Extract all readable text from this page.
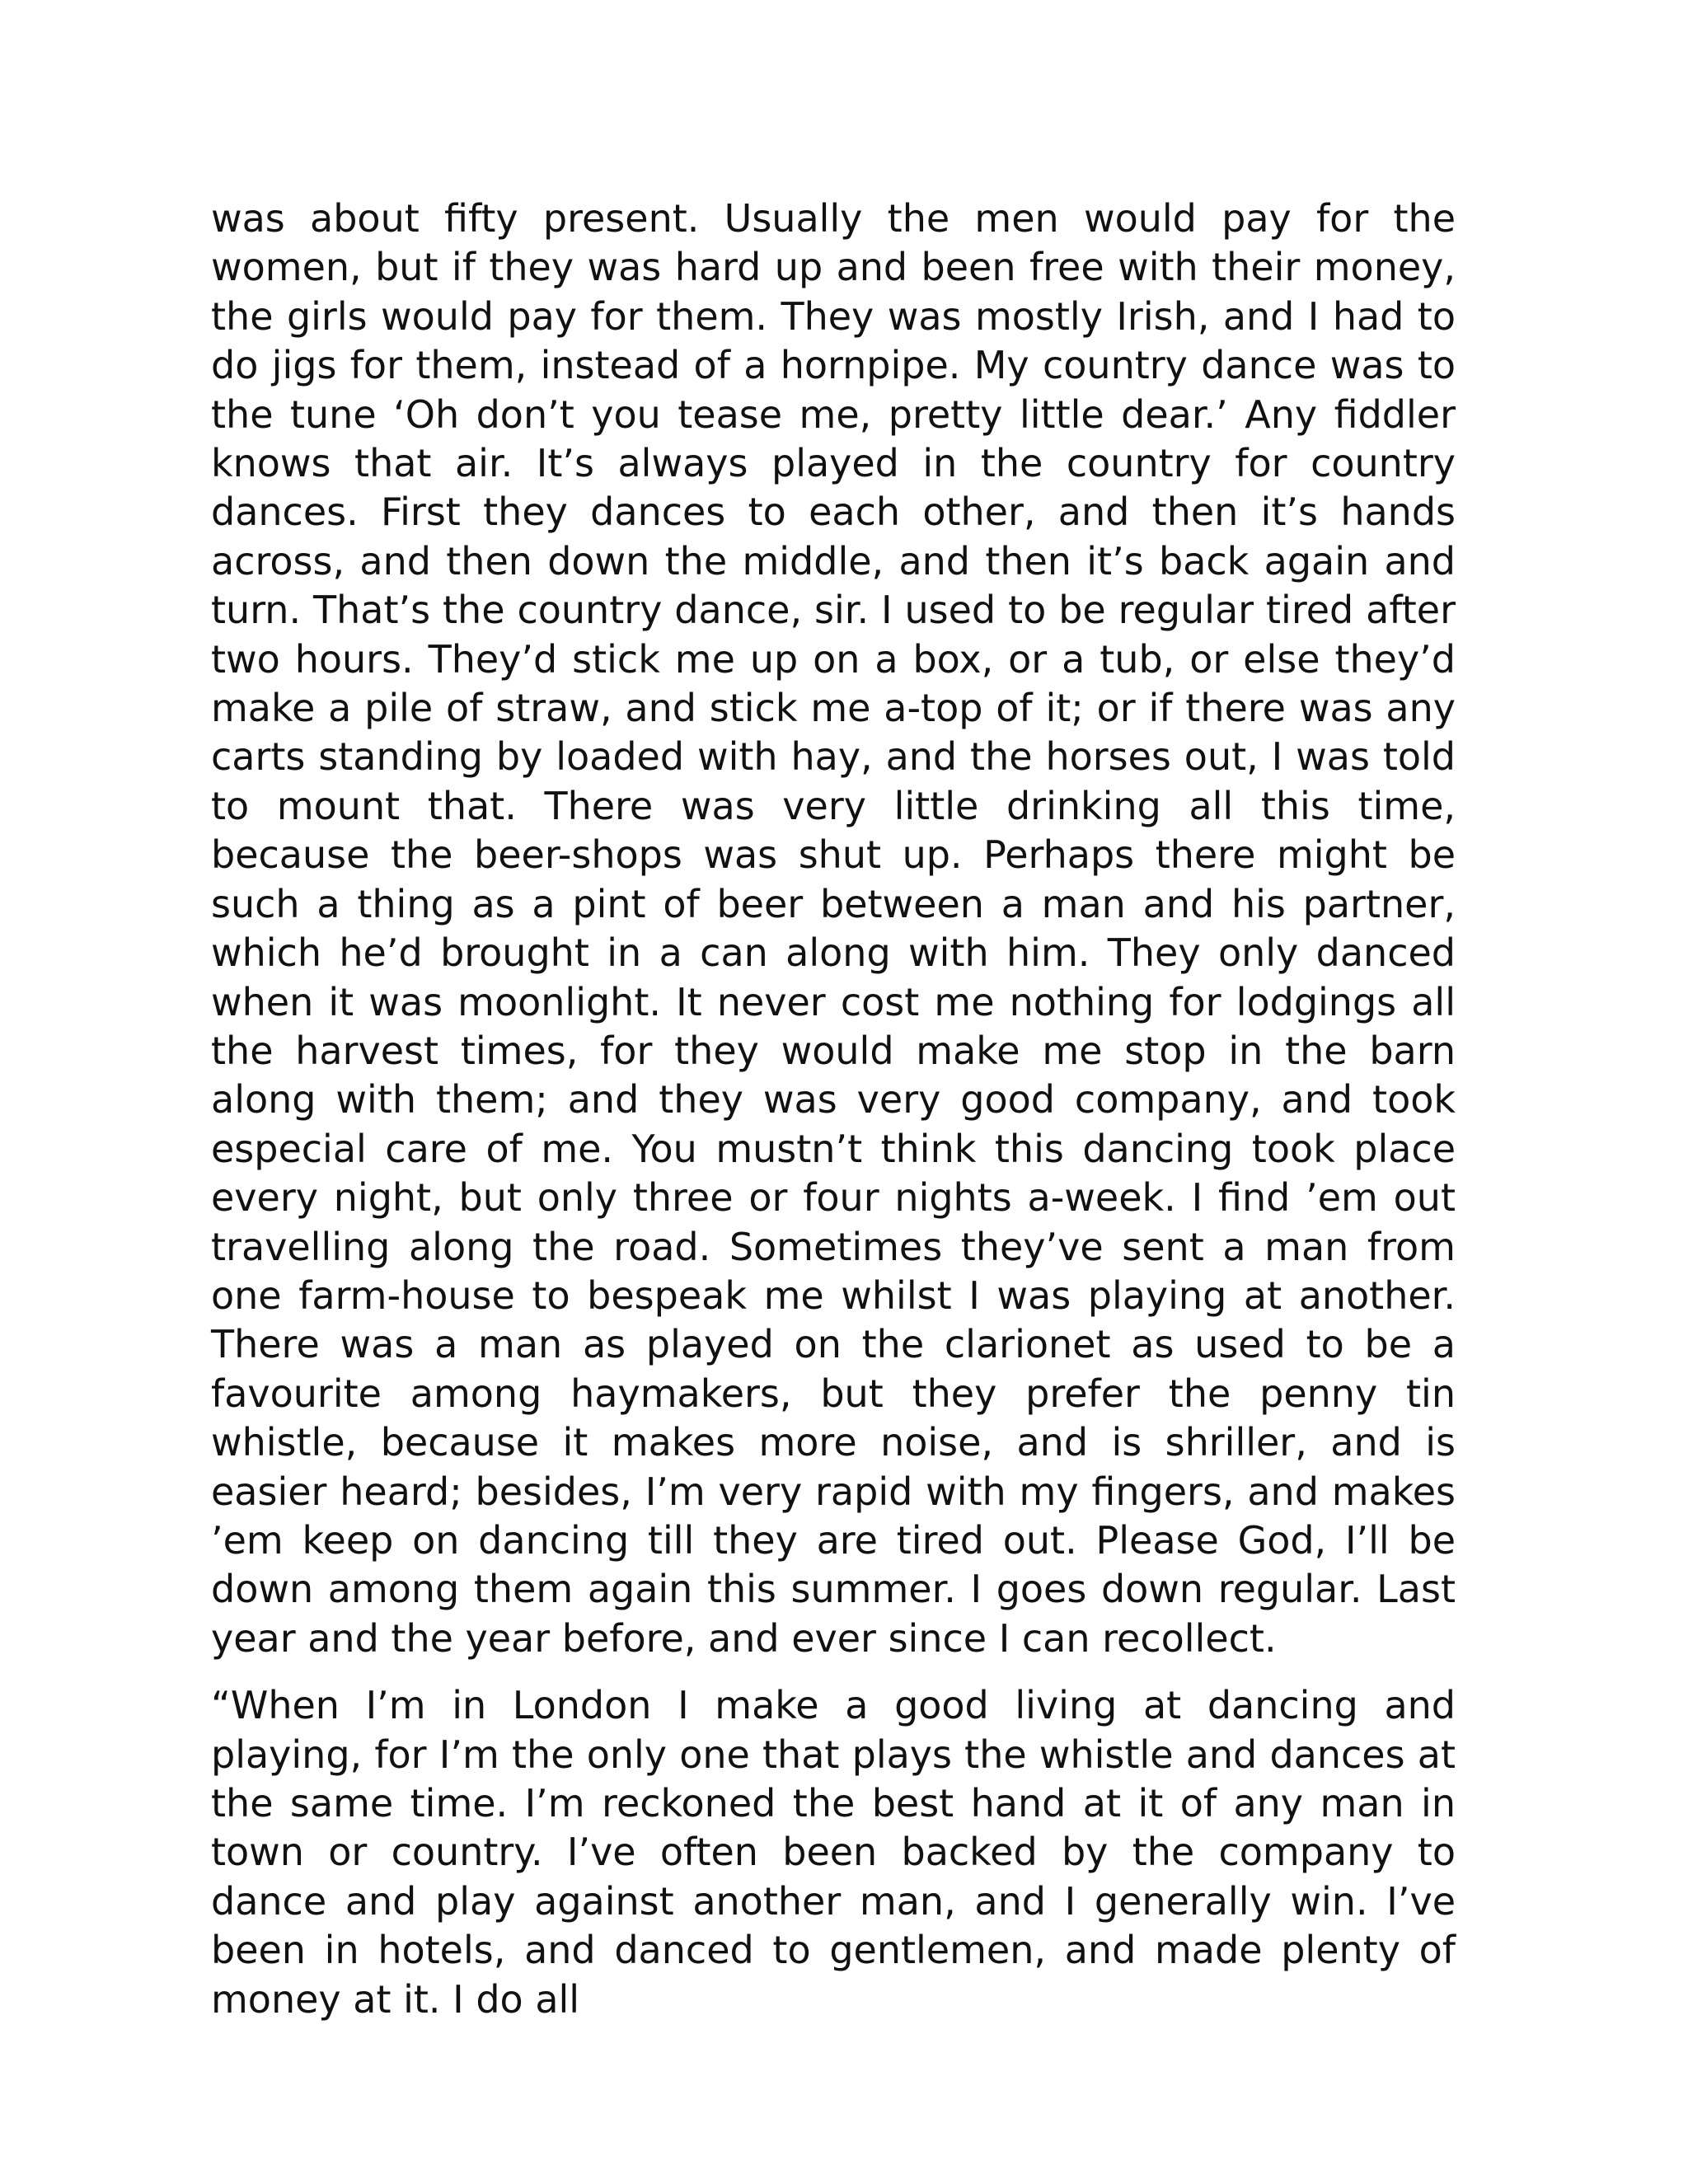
was about fifty present. Usually the men would pay for the women, but if they was hard up and been free with their money, the girls would pay for them. They was mostly Irish, and I had to do jigs for them, instead of a hornpipe. My country dance was to the tune ‘Oh don’t you tease me, pretty little dear.’ Any fiddler knows that air. It’s always played in the country for country dances. First they dances to each other, and then it’s hands across, and then down the middle, and then it’s back again and turn. That’s the country dance, sir. I used to be regular tired after two hours. They’d stick me up on a box, or a tub, or else they’d make a pile of straw, and stick me a-top of it; or if there was any carts standing by loaded with hay, and the horses out, I was told to mount that. There was very little drinking all this time, because the beer-shops was shut up. Perhaps there might be such a thing as a pint of beer between a man and his partner, which he’d brought in a can along with him. They only danced when it was moonlight. It never cost me nothing for lodgings all the harvest times, for they would make me stop in the barn along with them; and they was very good company, and took especial care of me. You mustn’t think this dancing took place every night, but only three or four nights a-week. I find ’em out travelling along the road. Sometimes they’ve sent a man from one farm-house to bespeak me whilst I was playing at another. There was a man as played on the clarionet as used to be a favourite among haymakers, but they prefer the penny tin whistle, because it makes more noise, and is shriller, and is easier heard; besides, I’m very rapid with my fingers, and makes ’em keep on dancing till they are tired out. Please God, I’ll be down among them again this summer. I goes down regular. Last year and the year before, and ever since I can recollect.

“When I’m in London I make a good living at dancing and playing, for I’m the only one that plays the whistle and dances at the same time. I’m reckoned the best hand at it of any man in town or country. I’ve often been backed by the company to dance and play against another man, and I generally win. I’ve been in hotels, and danced to gentlemen, and made plenty of money at it. I do all
